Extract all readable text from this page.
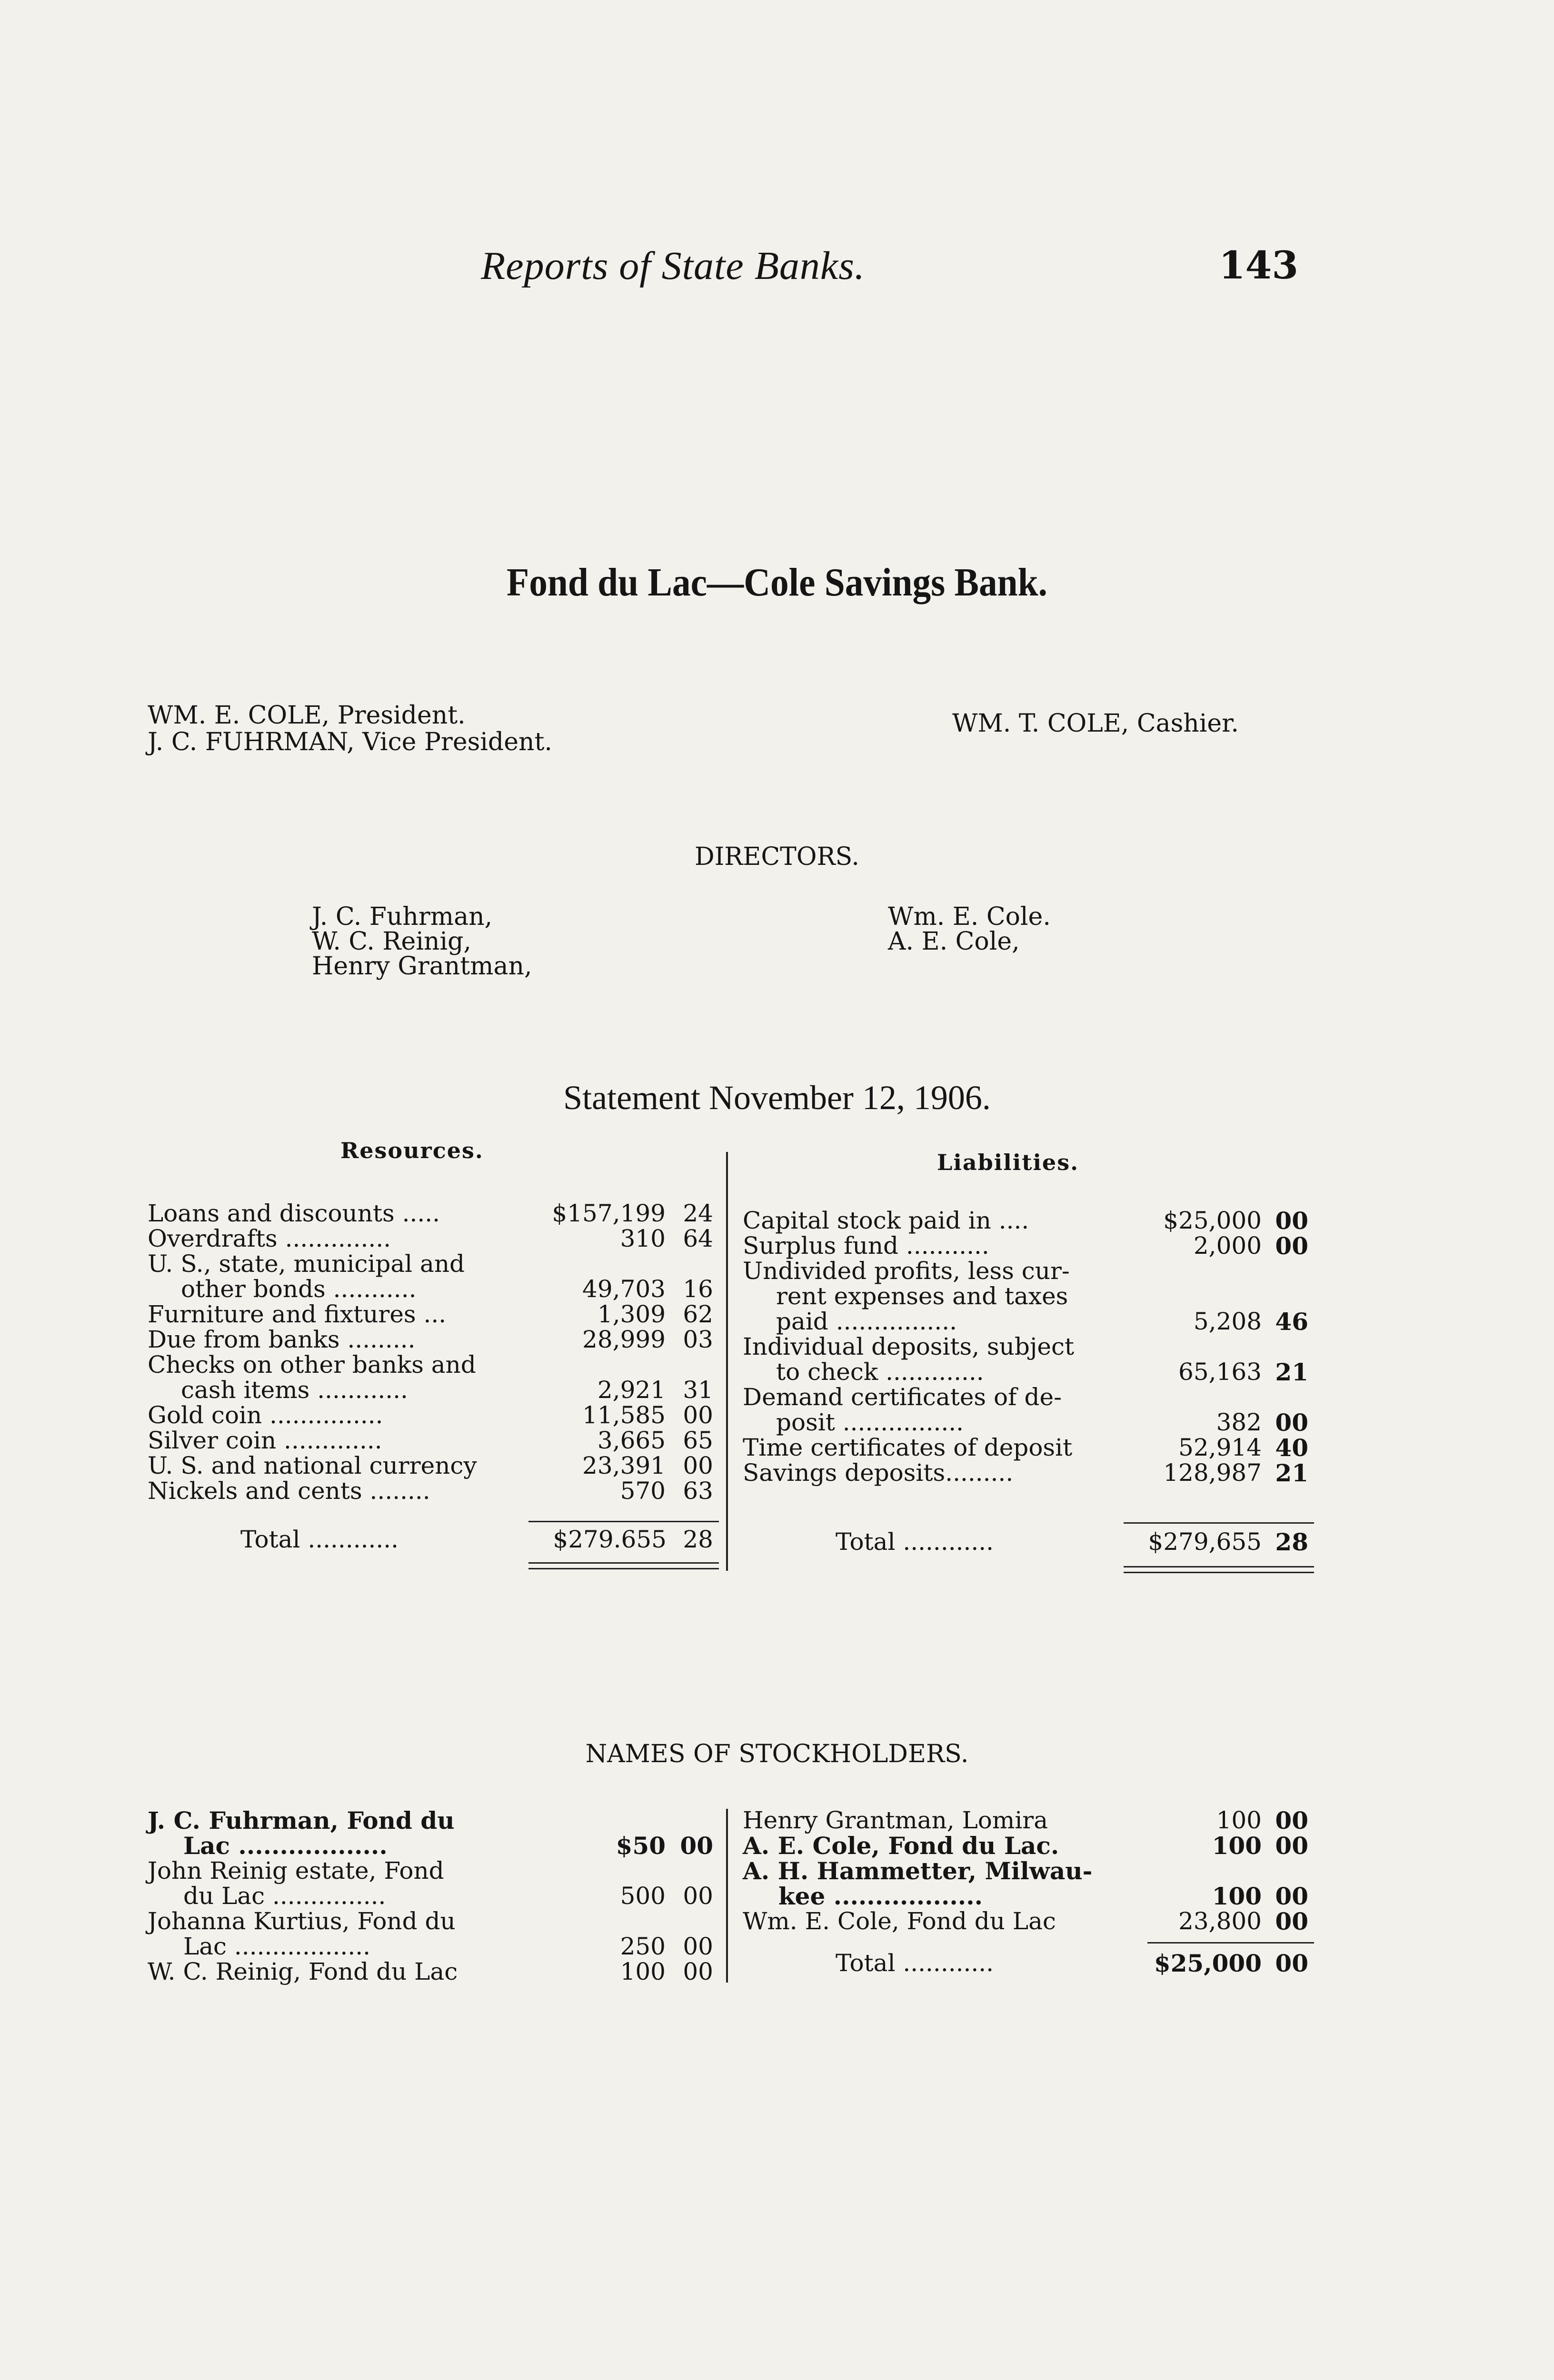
Reports of State Banks.	143
Fond du Lac—Cole Savings Bank.
WM. E. COLE, President.
J. C. FUHRMAN, Vice President.
WM. T. COLE, Cashier.
DIRECTORS.
J. C. Fuhrman,
W. C. Reinig,
Henry Grantman,
Wm. E. Cole.
A. E. Cole,
Statement November 12, 1906.
Resources.	Liabilities.
Loans and discounts .....	$157,199 24
Overdrafts ..............	310 64
U. S., state, municipal and
other bonds ...........	49,703 16
Furniture and fixtures ...	1,309 62
Due from banks .........	28,999 03
Checks on other banks and
cash items ............	2,921 31
Gold coin ...............	11,585 00
Silver coin .............	3,665 65
U. S. and national currency	23,391 00
Nickels and cents ........	570 63
Capital stock paid in ....	$25,000 00
Surplus fund ...........	2,000 00
Undivided profits, less cur-
rent expenses and taxes
paid ................	5,208 46
Individual deposits, subject
to check .............	65,163 21
Demand certificates of de-
posit ................	382 00
Time certificates of deposit	52,914 40
Savings deposits.........	128,987 21
Total ............	$279.655 28	Total ............	$279,655 28
NAMES OF STOCKHOLDERS.
J. C. Fuhrman, Fond du
Lac ..................	$50 00
John Reinig estate, Fond
du Lac ...............	500 00
Johanna Kurtius, Fond du
Lac ..................	250 00
W. C. Reinig, Fond du Lac	100 00
Henry Grantman, Lomira	100 00
A. E. Cole, Fond du Lac.	100 00
A. H. Hammetter, Milwau-
kee ..................	100 00
Wm. E. Cole, Fond du Lac	23,800 00
Total ............	$25,000 00
